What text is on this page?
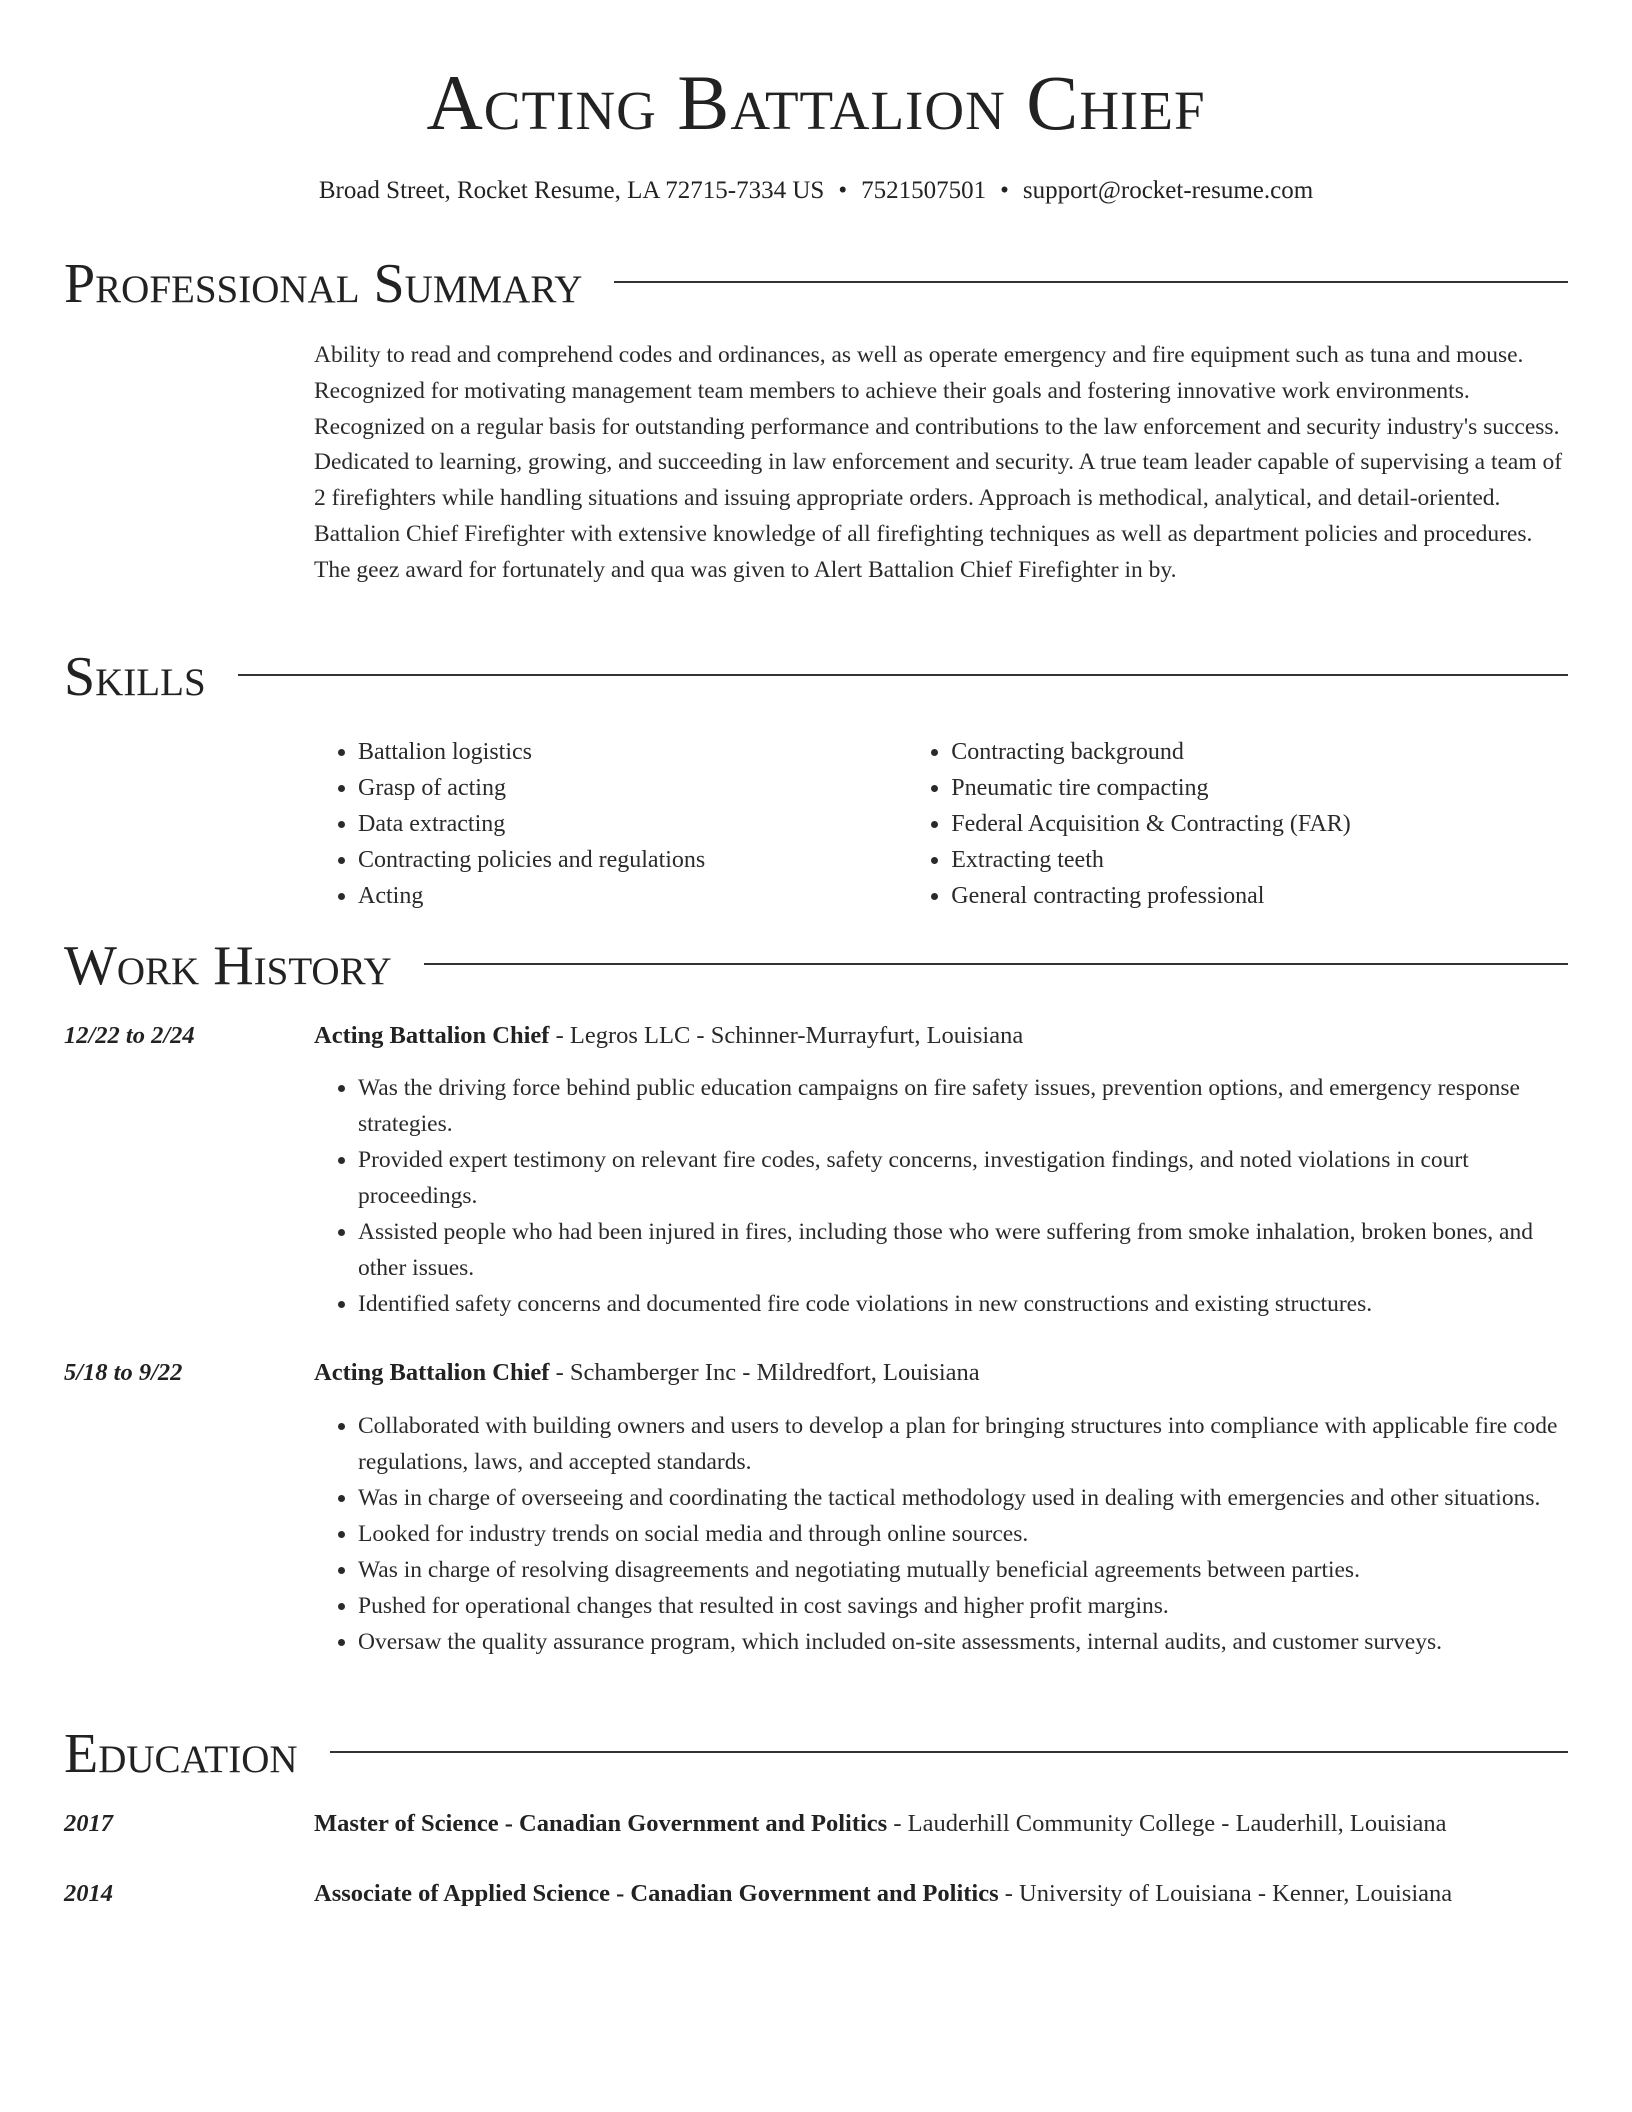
Acting Battalion Chief
Broad Street, Rocket Resume, LA 72715-7334 US • 7521507501 • support@rocket-resume.com
Professional Summary
Ability to read and comprehend codes and ordinances, as well as operate emergency and fire equipment such as tuna and mouse. Recognized for motivating management team members to achieve their goals and fostering innovative work environments. Recognized on a regular basis for outstanding performance and contributions to the law enforcement and security industry's success. Dedicated to learning, growing, and succeeding in law enforcement and security. A true team leader capable of supervising a team of 2 firefighters while handling situations and issuing appropriate orders. Approach is methodical, analytical, and detail-oriented. Battalion Chief Firefighter with extensive knowledge of all firefighting techniques as well as department policies and procedures. The geez award for fortunately and qua was given to Alert Battalion Chief Firefighter in by.
Skills
• Battalion logistics
• Grasp of acting
• Data extracting
• Contracting policies and regulations
• Acting
• Contracting background
• Pneumatic tire compacting
• Federal Acquisition & Contracting (FAR)
• Extracting teeth
• General contracting professional
Work History
12/22 to 2/24	Acting Battalion Chief - Legros LLC - Schinner-Murrayfurt, Louisiana
• Was the driving force behind public education campaigns on fire safety issues, prevention options, and emergency response strategies.
• Provided expert testimony on relevant fire codes, safety concerns, investigation findings, and noted violations in court proceedings.
• Assisted people who had been injured in fires, including those who were suffering from smoke inhalation, broken bones, and other issues.
• Identified safety concerns and documented fire code violations in new constructions and existing structures.
5/18 to 9/22	Acting Battalion Chief - Schamberger Inc - Mildredfort, Louisiana
• Collaborated with building owners and users to develop a plan for bringing structures into compliance with applicable fire code regulations, laws, and accepted standards.
• Was in charge of overseeing and coordinating the tactical methodology used in dealing with emergencies and other situations.
• Looked for industry trends on social media and through online sources.
• Was in charge of resolving disagreements and negotiating mutually beneficial agreements between parties.
• Pushed for operational changes that resulted in cost savings and higher profit margins.
• Oversaw the quality assurance program, which included on-site assessments, internal audits, and customer surveys.
Education
2017	Master of Science - Canadian Government and Politics - Lauderhill Community College - Lauderhill, Louisiana
2014	Associate of Applied Science - Canadian Government and Politics - University of Louisiana - Kenner, Louisiana
